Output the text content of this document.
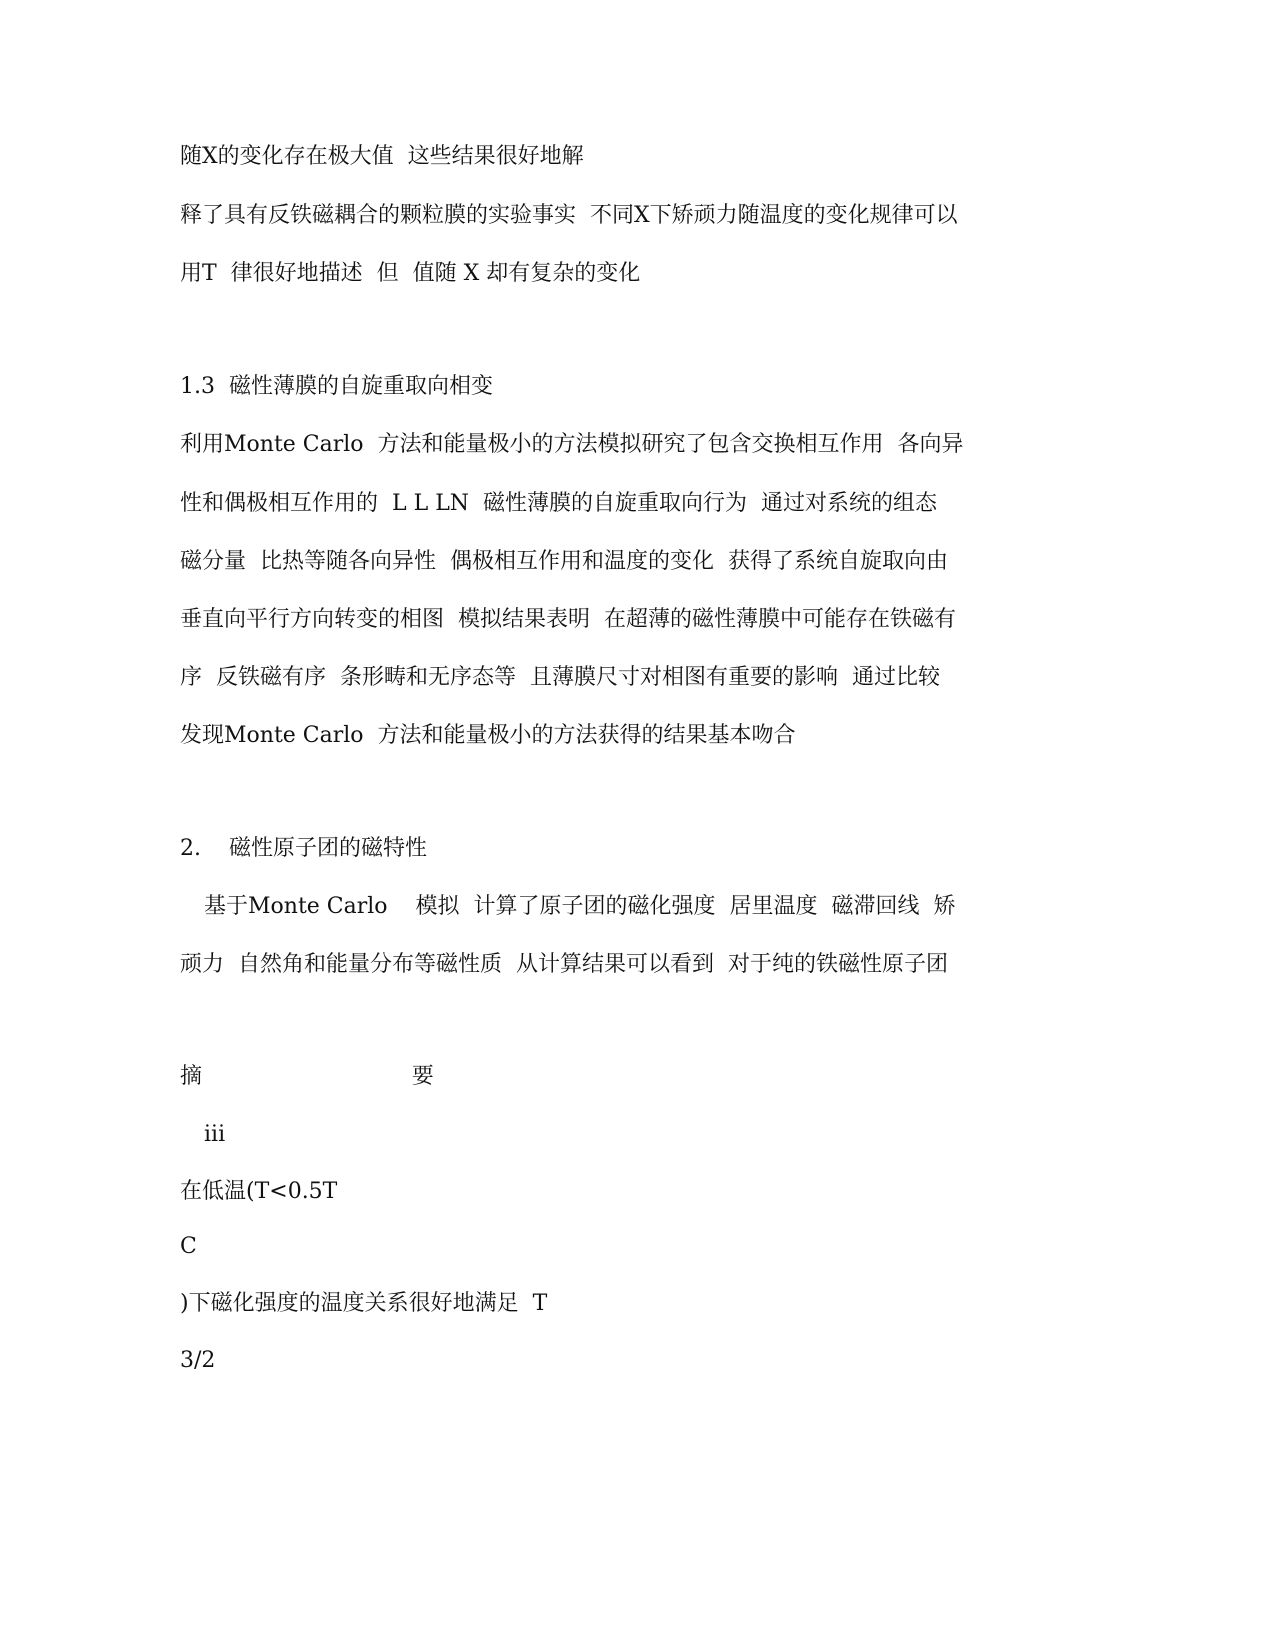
随X的变化存在极大值  这些结果很好地解

释了具有反铁磁耦合的颗粒膜的实验事实  不同X下矫顽力随温度的变化规律可以

用T  律很好地描述  但  值随 X 却有复杂的变化

1.3  磁性薄膜的自旋重取向相变

利用Monte Carlo  方法和能量极小的方法模拟研究了包含交换相互作用  各向异

性和偶极相互作用的  L L LN  磁性薄膜的自旋重取向行为  通过对系统的组态

磁分量  比热等随各向异性  偶极相互作用和温度的变化  获得了系统自旋取向由

垂直向平行方向转变的相图  模拟结果表明  在超薄的磁性薄膜中可能存在铁磁有

序  反铁磁有序  条形畴和无序态等  且薄膜尺寸对相图有重要的影响  通过比较

发现Monte Carlo  方法和能量极小的方法获得的结果基本吻合

2.    磁性原子团的磁特性

基于Monte Carlo    模拟  计算了原子团的磁化强度  居里温度  磁滞回线  矫

顽力  自然角和能量分布等磁性质  从计算结果可以看到  对于纯的铁磁性原子团

摘                              要

iii

在低温(T<0.5T

C

)下磁化强度的温度关系很好地满足  T

3/2
